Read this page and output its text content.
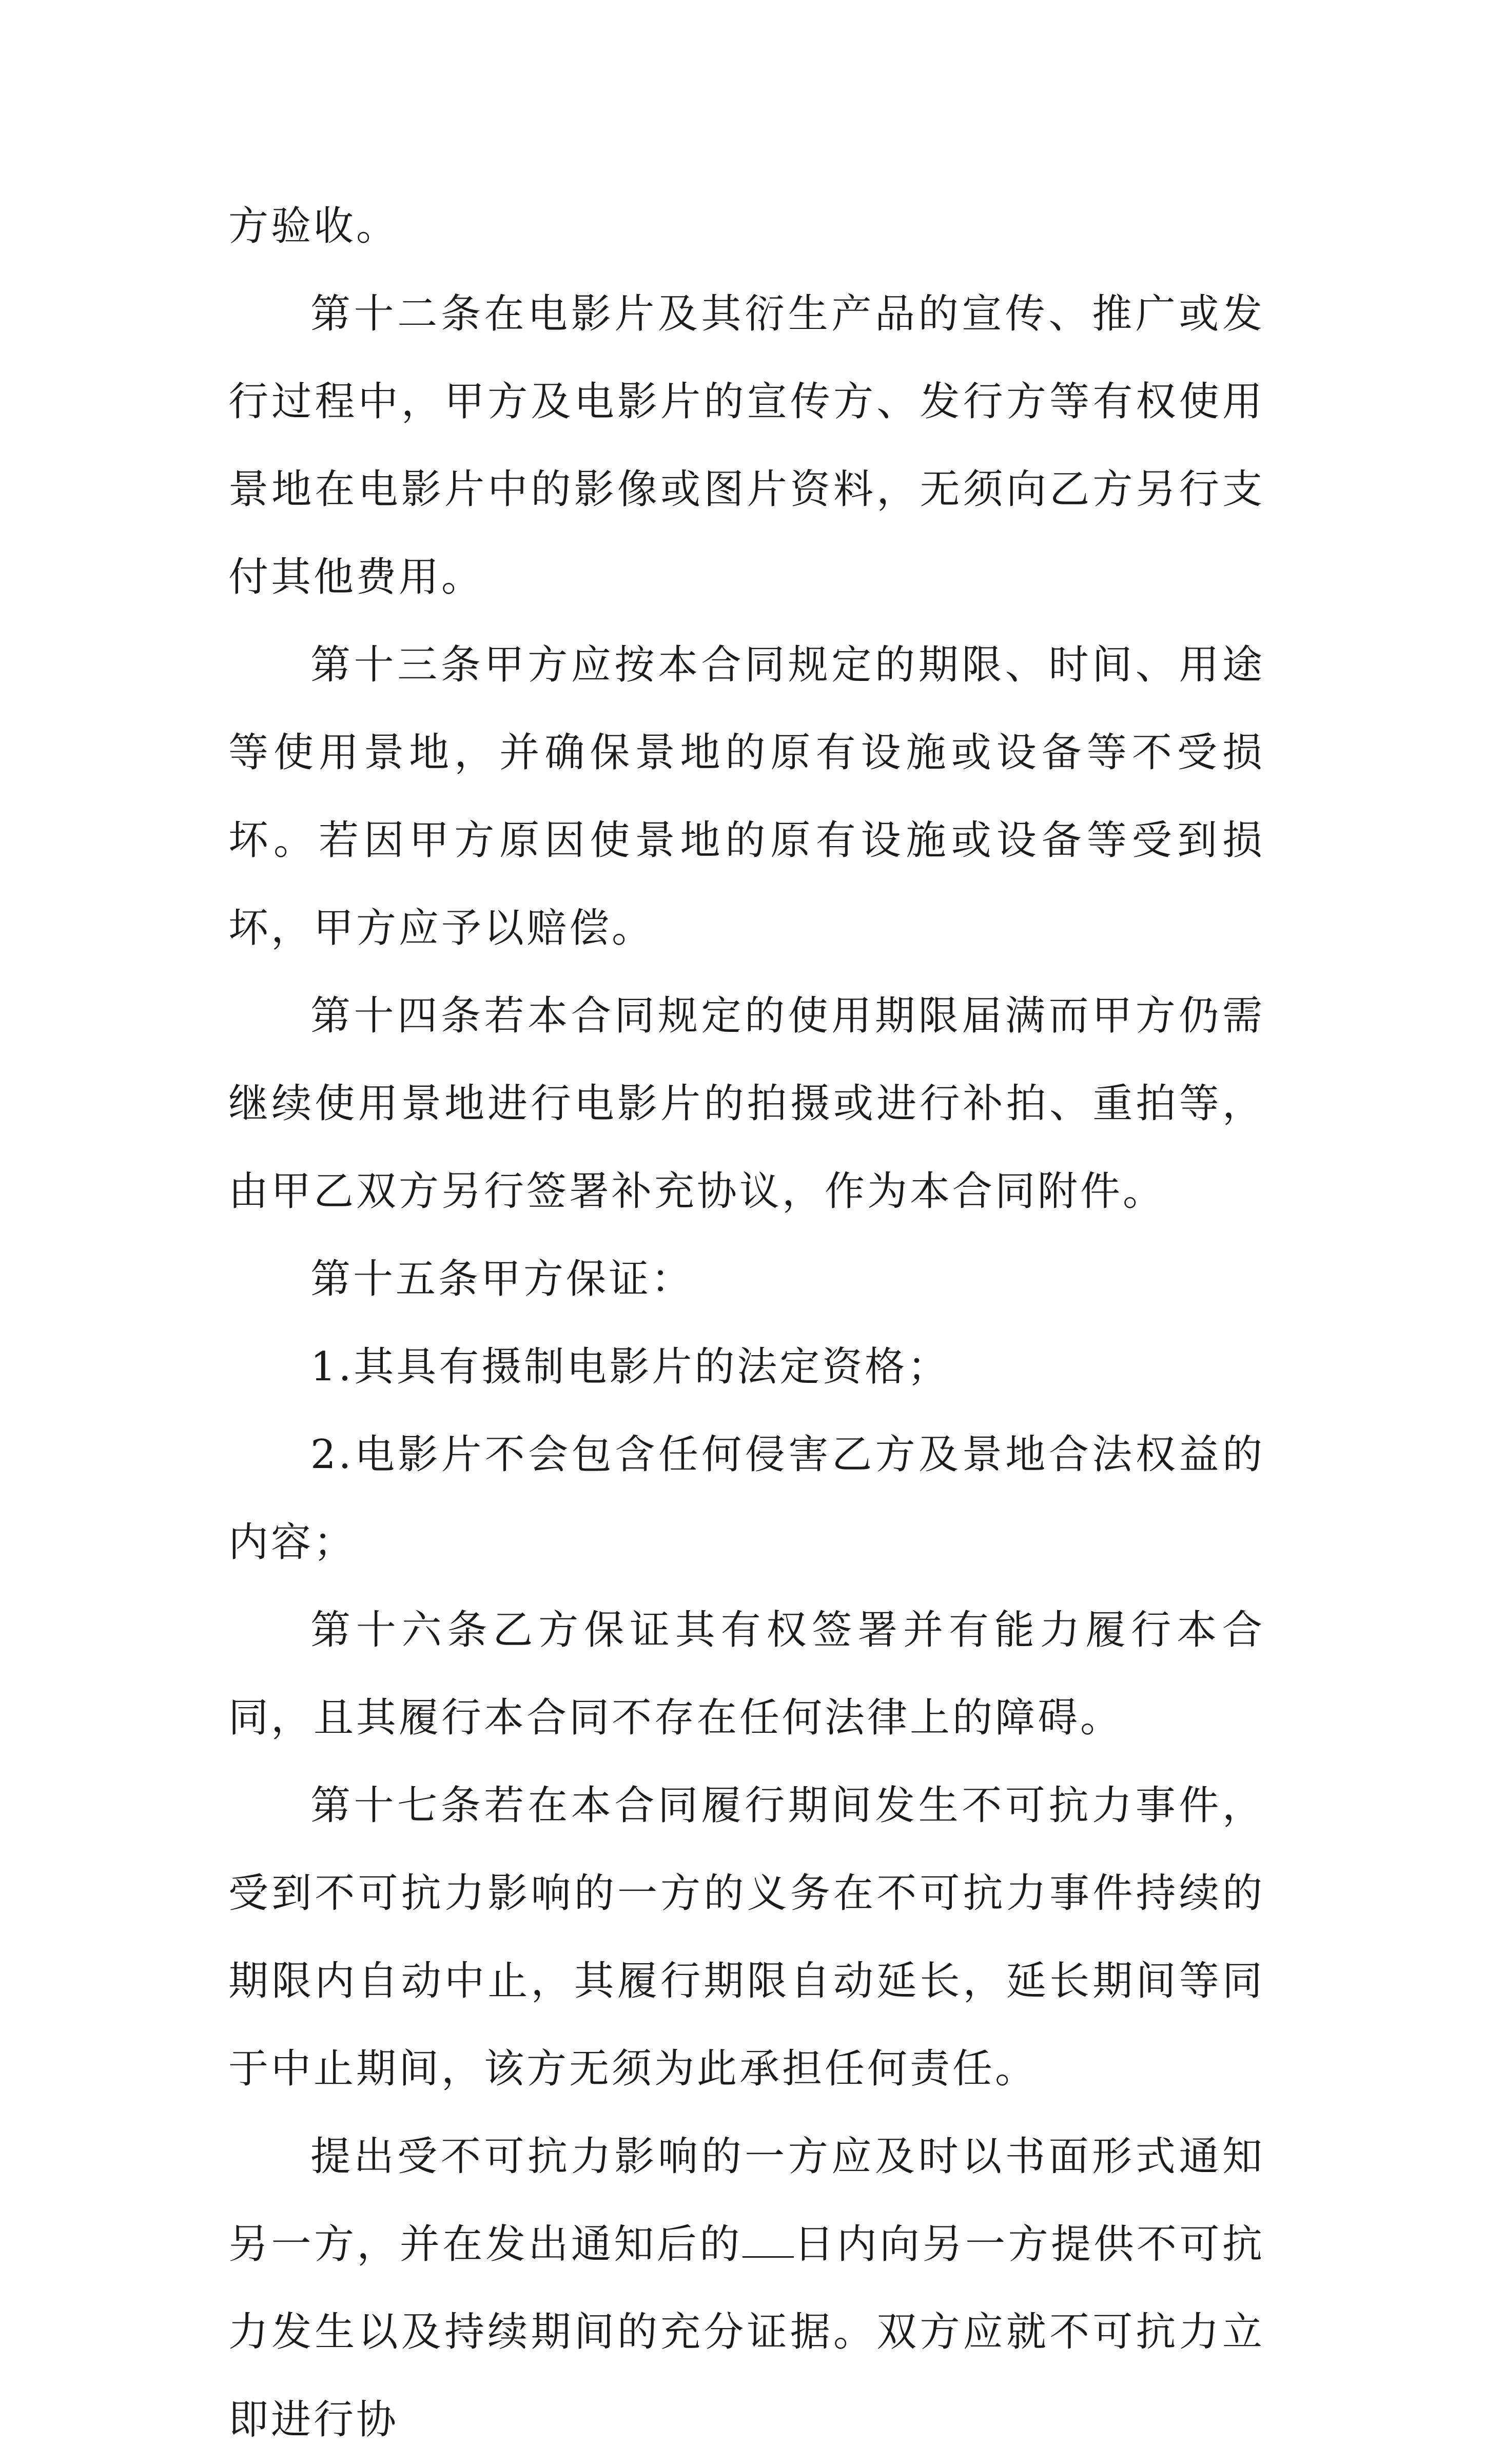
方验收。

第十二条在电影片及其衍生产品的宣传、推广或发行过程中，甲方及电影片的宣传方、发行方等有权使用景地在电影片中的影像或图片资料，无须向乙方另行支付其他费用。

第十三条甲方应按本合同规定的期限、时间、用途等使用景地，并确保景地的原有设施或设备等不受损坏。若因甲方原因使景地的原有设施或设备等受到损坏，甲方应予以赔偿。

第十四条若本合同规定的使用期限届满而甲方仍需继续使用景地进行电影片的拍摄或进行补拍、重拍等，由甲乙双方另行签署补充协议，作为本合同附件。

第十五条甲方保证：

1.其具有摄制电影片的法定资格；

2.电影片不会包含任何侵害乙方及景地合法权益的内容；

第十六条乙方保证其有权签署并有能力履行本合同，且其履行本合同不存在任何法律上的障碍。

第十七条若在本合同履行期间发生不可抗力事件，受到不可抗力影响的一方的义务在不可抗力事件持续的期限内自动中止，其履行期限自动延长，延长期间等同于中止期间，该方无须为此承担任何责任。

提出受不可抗力影响的一方应及时以书面形式通知另一方，并在发出通知后的 日内向另一方提供不可抗力发生以及持续期间的充分证据。双方应就不可抗力立即进行协
